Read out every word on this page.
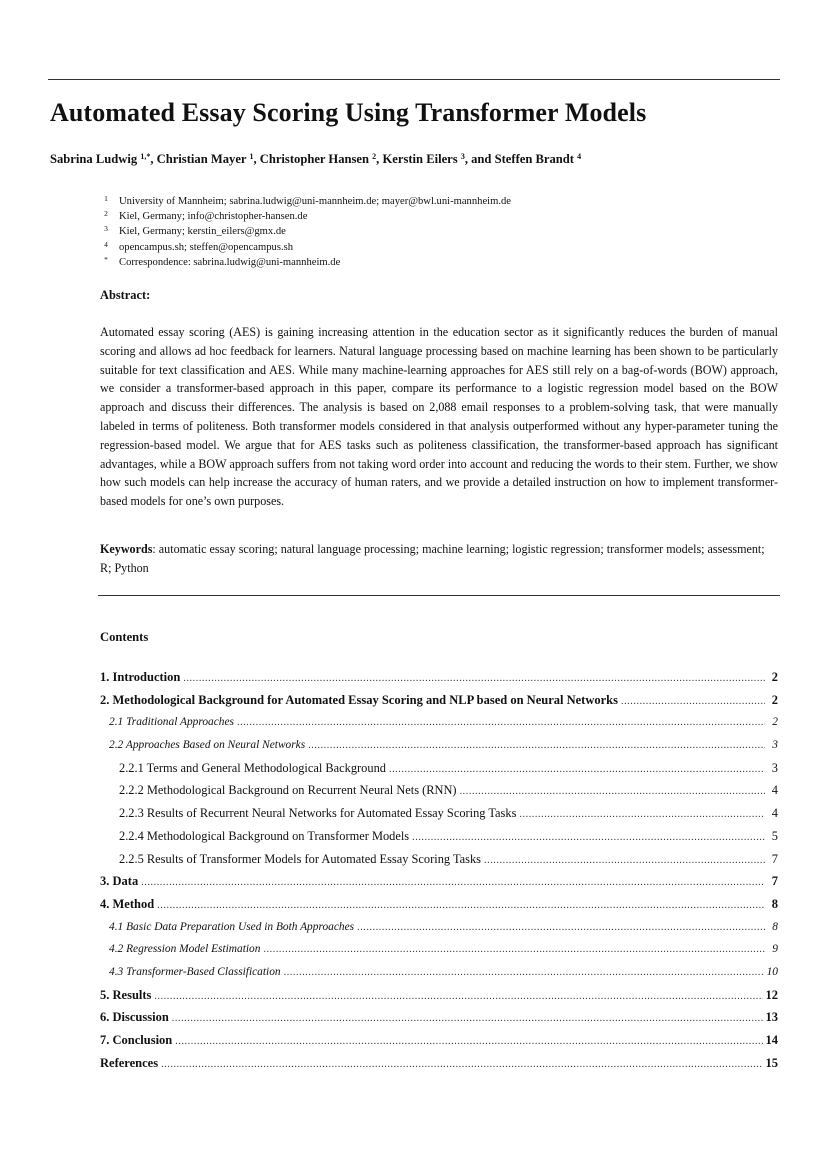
Automated Essay Scoring Using Transformer Models

Sabrina Ludwig $^{1,*}$, Christian Mayer $^1$, Christopher Hansen $^2$, Kerstin Eilers $^3$, and Steffen Brandt $^4$

1 University of Mannheim; sabrina.ludwig@uni-mannheim.de; mayer@bwl.uni-mannheim.de
2 Kiel, Germany; info@christopher-hansen.de
3 Kiel, Germany; kerstin_eilers@gmx.de
4 opencampus.sh; steffen@opencampus.sh
* Correspondence: sabrina.ludwig@uni-mannheim.de

Abstract:

Automated essay scoring (AES) is gaining increasing attention in the education sector as it significantly reduces the burden of manual scoring and allows ad hoc feedback for learners. Natural language processing based on machine learning has been shown to be particularly suitable for text classification and AES. While many machine-learning approaches for AES still rely on a bag-of-words (BOW) approach, we consider a transformer-based approach in this paper, compare its performance to a logistic regression model based on the BOW approach and discuss their differences. The analysis is based on 2,088 email responses to a problem-solving task, that were manually labeled in terms of politeness. Both transformer models considered in that analysis outperformed without any hyper-parameter tuning the regression-based model. We argue that for AES tasks such as politeness classification, the transformer-based approach has significant advantages, while a BOW approach suffers from not taking word order into account and reducing the words to their stem. Further, we show how such models can help increase the accuracy of human raters, and we provide a detailed instruction on how to implement transformer-based models for one’s own purposes.

Keywords: automatic essay scoring; natural language processing; machine learning; logistic regression; transformer models; assessment; R; Python

Contents

1. Introduction .....	2
2. Methodological Background for Automated Essay Scoring and NLP based on Neural Networks .....	2
2.1 Traditional Approaches .....	2
2.2 Approaches Based on Neural Networks .....	3
2.2.1 Terms and General Methodological Background .....	3
2.2.2 Methodological Background on Recurrent Neural Nets (RNN) .....	4
2.2.3 Results of Recurrent Neural Networks for Automated Essay Scoring Tasks .....	4
2.2.4 Methodological Background on Transformer Models .....	5
2.2.5 Results of Transformer Models for Automated Essay Scoring Tasks .....	7
3. Data .....	7
4. Method .....	8
4.1 Basic Data Preparation Used in Both Approaches .....	8
4.2 Regression Model Estimation .....	9
4.3 Transformer-Based Classification .....	10
5. Results .....	12
6. Discussion .....	13
7. Conclusion .....	14
References .....	15
